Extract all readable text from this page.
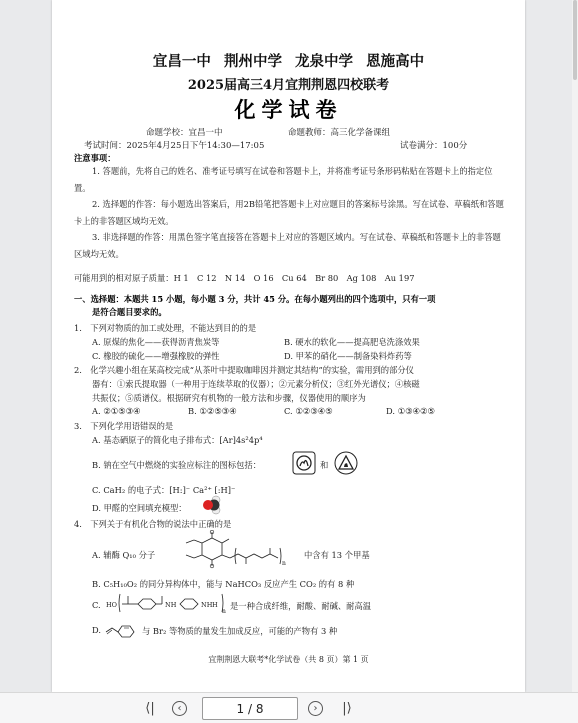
宜昌一中 荆州中学 龙泉中学 恩施高中
2025届高三4月宜荆荆恩四校联考
化学试卷
命题学校：宜昌一中	命题教师：高三化学备课组
考试时间：2025年4月25日下午14:30—17:05	试卷满分：100分
注意事项：
1. 答题前，先将自己的姓名、准考证号填写在试卷和答题卡上，并将准考证号条形码粘贴在答题卡上的指定位置。
2. 选择题的作答：每小题选出答案后，用2B铅笔把答题卡上对应题目的答案标号涂黑。写在试卷、草稿纸和答题卡上的非答题区域均无效。
3. 非选择题的作答：用黑色签字笔直接答在答题卡上对应的答题区域内。写在试卷、草稿纸和答题卡上的非答题区域均无效。
可能用到的相对原子质量：H 1　C 12　N 14　O 16　Cu 64　Br 80　Ag 108　Au 197
一、选择题：本题共 15 小题，每小题 3 分，共计 45 分。在每小题列出的四个选项中，只有一项
是符合题目要求的。
1.　下列对物质的加工或处理，不能达到目的的是
A. 原煤的焦化——获得沥青焦炭等	B. 硬水的软化——提高肥皂洗涤效果
C. 橡胶的硫化——增强橡胶的弹性	D. 甲苯的硝化——制备染料炸药等
2.　化学兴趣小组在某高校完成“从茶叶中提取咖啡因并测定其结构”的实验，需用到的部分仪
器有：①索氏提取器（一种用于连续萃取的仪器）；②元素分析仪；③红外光谱仪；④核磁
共振仪；⑤质谱仪。根据研究有机物的一般方法和步骤，仪器使用的顺序为
A. ②①⑤③④	B. ①②⑤③④	C. ①②③④⑤	D. ①③④②⑤
3.　下列化学用语错误的是
A. 基态硒原子的简化电子排布式：[Ar]4s²4p⁴
B. 钠在空气中燃烧的实验应标注的图标包括：	和
C. CaH₂ 的电子式：[H:]⁻ Ca²⁺ [:H]⁻
D. 甲醛的空间填充模型：
4.　下列关于有机化合物的说法中正确的是
A. 辅酶 Q₁₀ 分子
n
中含有 13 个甲基
B. C₅H₁₀O₂ 的同分异构体中，能与 NaHCO₃ 反应产生 CO₂ 的有 8 种
C. HO	NH	NH H
n
是一种合成纤维，耐酸、耐碱、耐高温
D.	与 Br₂ 等物质的量发生加成反应，可能的产物有 3 种
宜荆荆恩大联考*化学试卷（共 8 页）第 1 页
⟨| ‹	1 / 8	› |⟩
